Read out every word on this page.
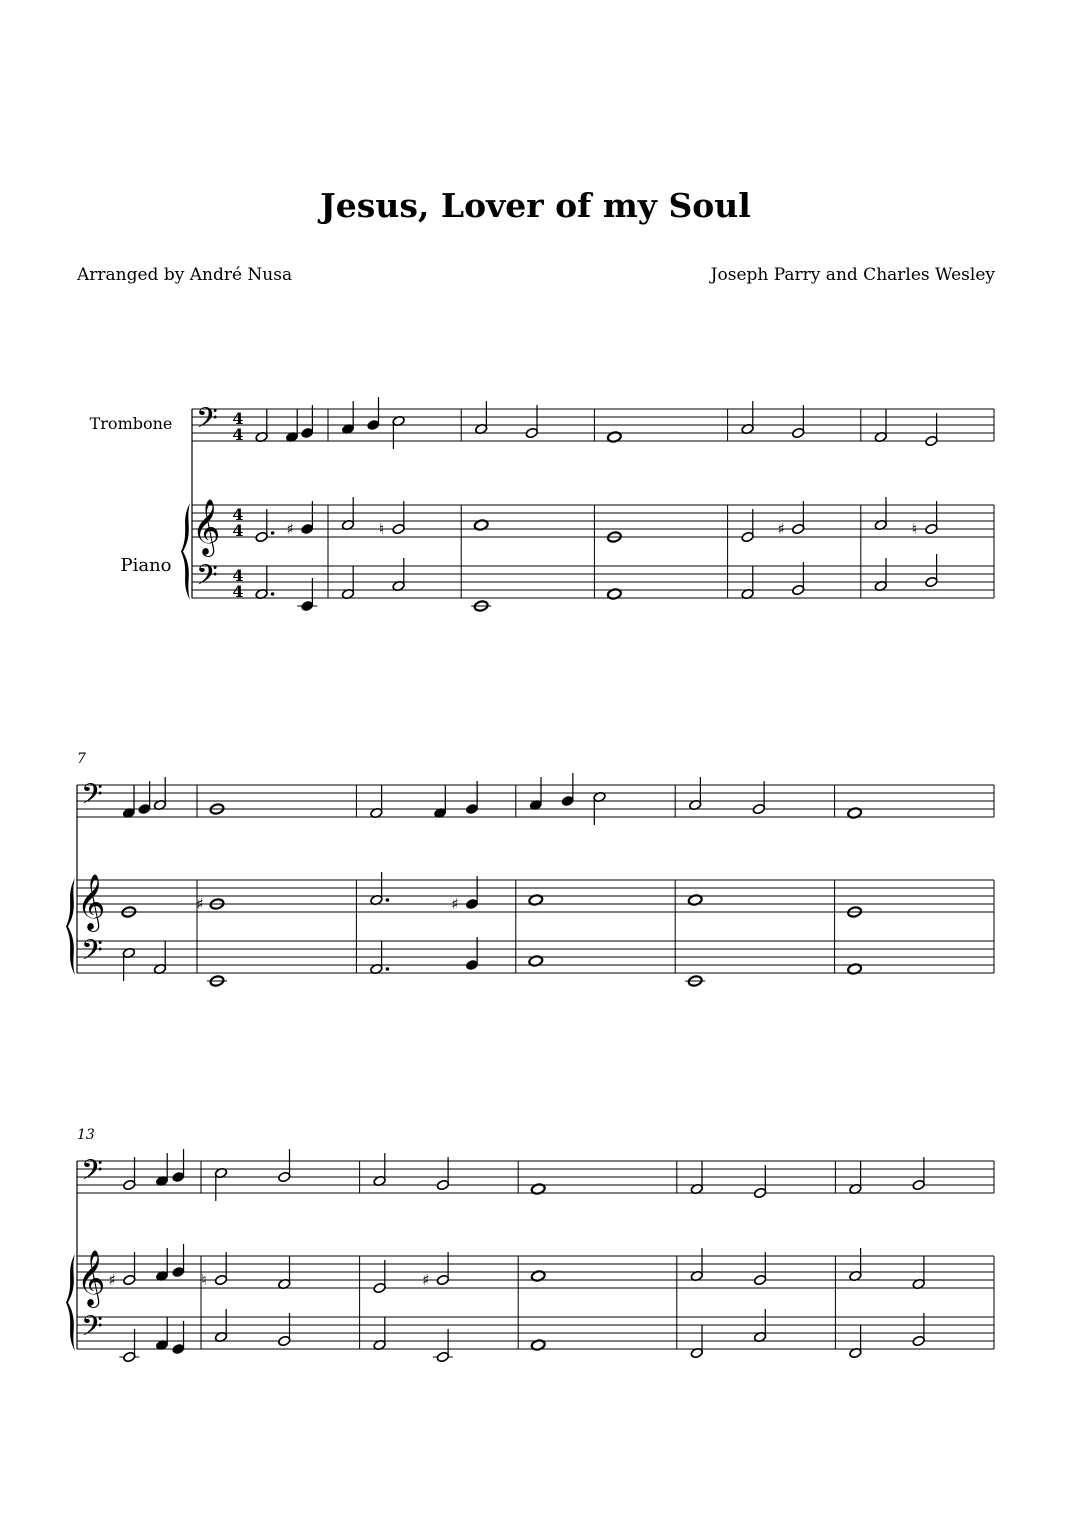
Jesus, Lover of my Soul
Arranged by André Nusa	Joseph Parry and Charles Wesley
Trombone
Piano
𝄢
𝄞
𝄢
4
4
4
4
4
4
♯	♮	♯	♮
7
𝄢
𝄞
𝄢
♯	♯
13
𝄢
𝄞
𝄢
♯	♮	♯
